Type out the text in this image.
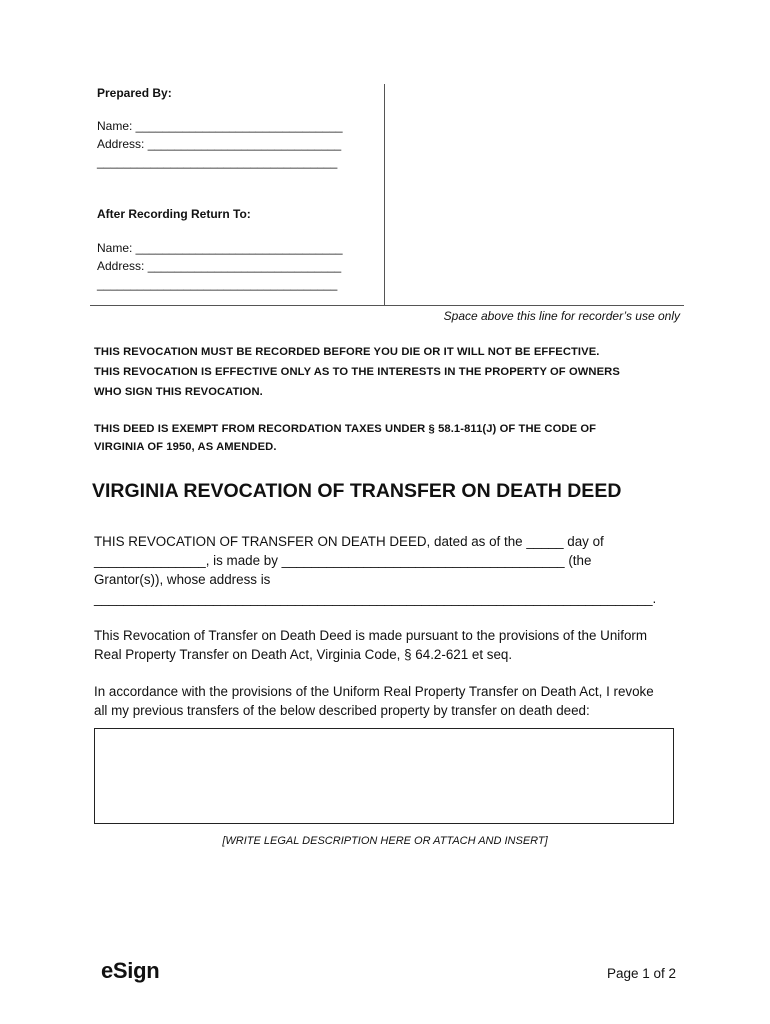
Prepared By:
Name: _______________________________
Address: _____________________________
____________________________________
After Recording Return To:
Name: _______________________________
Address: _____________________________
____________________________________
Space above this line for recorder’s use only
THIS REVOCATION MUST BE RECORDED BEFORE YOU DIE OR IT WILL NOT BE EFFECTIVE.
THIS REVOCATION IS EFFECTIVE ONLY AS TO THE INTERESTS IN THE PROPERTY OF OWNERS
WHO SIGN THIS REVOCATION.
THIS DEED IS EXEMPT FROM RECORDATION TAXES UNDER § 58.1-811(J) OF THE CODE OF
VIRGINIA OF 1950, AS AMENDED.
VIRGINIA REVOCATION OF TRANSFER ON DEATH DEED
THIS REVOCATION OF TRANSFER ON DEATH DEED, dated as of the _____ day of
_______________, is made by ______________________________________ (the
Grantor(s)), whose address is
___________________________________________________________________________.
This Revocation of Transfer on Death Deed is made pursuant to the provisions of the Uniform
Real Property Transfer on Death Act, Virginia Code, § 64.2-621 et seq.
In accordance with the provisions of the Uniform Real Property Transfer on Death Act, I revoke
all my previous transfers of the below described property by transfer on death deed:
[WRITE LEGAL DESCRIPTION HERE OR ATTACH AND INSERT]
eSign	Page 1 of 2
